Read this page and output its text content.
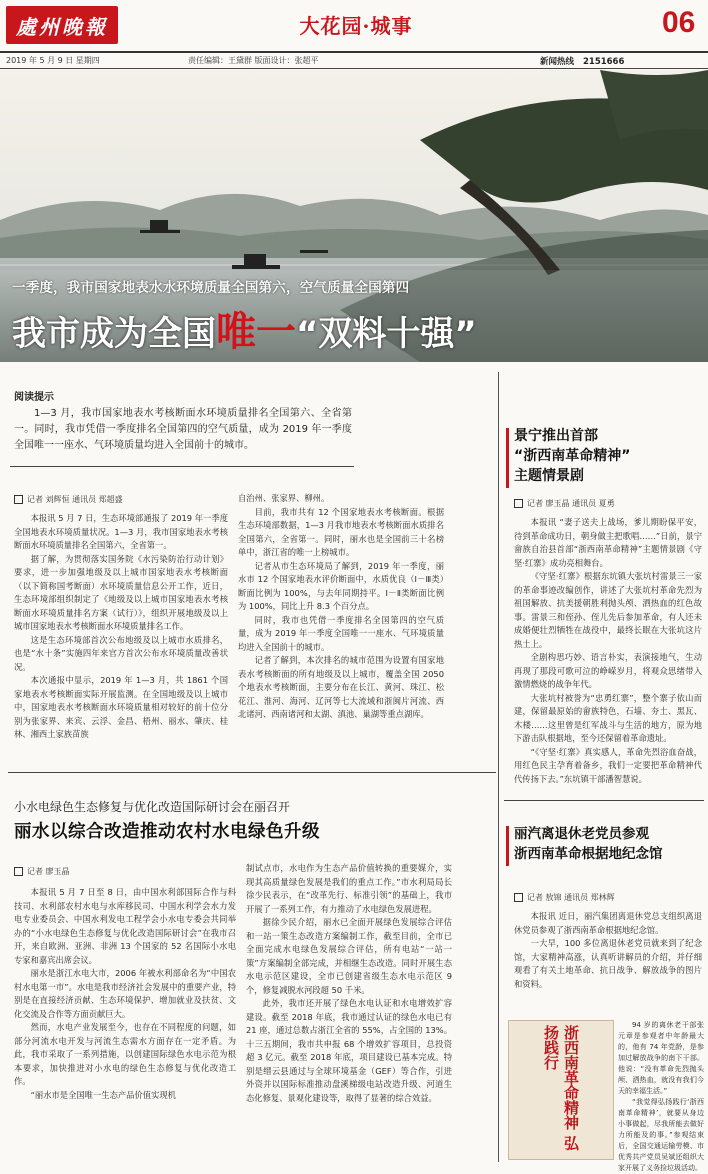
處州晚報	大花园·城事	06
2019 年 5 月 9 日 星期四	责任编辑：王黛群 版面设计：张超平	新闻热线 2151666
一季度，我市国家地表水水环境质量全国第六，空气质量全国第四
我市成为全国唯一“双料十强”
阅读提示
1—3 月，我市国家地表水考核断面水环境质量排名全国第六、全省第一。同时，我市凭借一季度排名全国第四的空气质量，成为 2019 年一季度全国唯一一座水、气环境质量均进入全国前十的城市。
记者 刘辉恒 通讯员 郑超盛

本报讯 5 月 7 日，生态环境部通报了 2019 年一季度全国地表水环境质量状况。1—3 月，我市国家地表水考核断面水环境质量排名全国第六，全省第一。

据了解，为贯彻落实国务院《水污染防治行动计划》要求，进一步加强地级及以上城市国家地表水考核断面（以下简称国考断面）水环境质量信息公开工作，近日，生态环境部组织制定了《地级及以上城市国家地表水考核断面水环境质量排名方案（试行）》，组织开展地级及以上城市国家地表水考核断面水环境质量排名工作。

这是生态环境部首次公布地级及以上城市水质排名，也是“水十条”实施四年来官方首次公布水环境质量改善状况。

本次通报中显示，2019 年 1—3 月，共 1861 个国家地表水考核断面实际开展监测。在全国地级及以上城市中，国家地表水考核断面水环境质量相对较好的前十位分别为张家界、来宾、云浮、金昌、梧州、丽水、肇庆、桂林、湘西土家族苗族

自治州、张家界、柳州。

目前，我市共有 12 个国家地表水考核断面。根据生态环境部数据，1—3 月我市地表水考核断面水质排名全国第六，全省第一。同时，丽水也是全国前三十名榜单中，浙江省的唯一上榜城市。

记者从市生态环境局了解到，2019 年一季度，丽水市 12 个国家地表水评价断面中，水质优良（Ⅰ－Ⅲ类）断面比例为 100%，与去年同期持平。Ⅰ－Ⅱ类断面比例为 100%，同比上升 8.3 个百分点。

同时，我市也凭借一季度排名全国第四的空气质量，成为 2019 年一季度全国唯一一座水、气环境质量均进入全国前十的城市。

记者了解到，本次排名的城市范围为设置有国家地表水考核断面的所有地级及以上城市，覆盖全国 2050 个地表水考核断面，主要分布在长江、黄河、珠江、松花江、淮河、海河、辽河等七大流域和浙闽片河流、西北诸河、西南诸河和太湖、滇池、巢湖等重点湖库。

小水电绿色生态修复与优化改造国际研讨会在丽召开
丽水以综合改造推动农村水电绿色升级
记者 廖玉晶

本报讯 5 月 7 日至 8 日，由中国水利部国际合作与科技司、水利部农村水电与水库移民司、中国水利学会水力发电专业委员会、中国水利发电工程学会小水电专委会共同举办的“小水电绿色生态修复与优化改造国际研讨会”在我市召开，来自欧洲、亚洲、非洲 13 个国家的 52 名国际小水电专家和嘉宾出席会议。

丽水是浙江水电大市，2006 年被水利部命名为“中国农村水电第一市”。水电是我市经济社会发展中的重要产业，特别是在直接经济贡献、生态环境保护、增加就业及扶贫、文化交流及合作等方面贡献巨大。

然而，水电产业发展至今，也存在不同程度的问题，如部分河流水电开发与河流生态需水方面存在一定矛盾。为此，我市采取了一系列措施，以创建国际绿色水电示范为根本要求，加快推进对小水电的绿色生态修复与优化改造工作。

“丽水市是全国唯一生态产品价值实现机

制试点市，水电作为生态产品价值转换的重要媒介，实现其高质量绿色发展是我们的重点工作。”市水利局局长徐少民表示，在“改革先行、标准引领”的基础上，我市开展了一系列工作，有力推动了水电绿色发展进程。

据徐少民介绍，丽水已全面开展绿色发展综合评估和一站一策生态改造方案编制工作，截至目前，全市已全面完成水电绿色发展综合评估，所有电站“一站一策”方案编制全部完成，并相继生态改造。同时开展生态水电示范区建设，全市已创建省级生态水电示范区 9 个，修复减脱水河段超 50 千米。

此外，我市还开展了绿色水电认证和水电增效扩容建设。截至 2018 年底，我市通过认证的绿色水电已有 21 座，通过总数占浙江全省的 55%，占全国的 13%。十三五期间，我市共申报 68 个增效扩容项目，总投资超 3 亿元。截至 2018 年底，项目建设已基本完成。特别是缙云县通过与全球环境基金（GEF）等合作，引进外资并以国际标准推动盘溪梯级电站改造升级、河道生态化修复、景观化建设等，取得了显著的综合效益。

景宁推出首部
“浙西南革命精神”
主题情景剧
记者 廖玉晶 通讯员 夏勇

本报讯 “妻子送夫上战场，爹儿期盼保平安，待到革命成功日，朝身做主把歌唱……”日前，景宁畲族自治县首部“浙西南革命精神”主题情景剧《守坚·红寨》成功亮相舞台。

《守坚·红寨》根据东坑镇大张坑村雷景三一家的革命事迹改编创作，讲述了大张坑村革命先烈为祖国解放、抗美援朝胜利抛头颅、洒热血的红色故事。雷景三和侄孙、侄儿先后参加革命，有人还未成婚便壮烈牺牲在战役中，最终长眠在大张坑这片热土上。

全剧构思巧妙、语言朴实，表演接地气，生动再现了那段可歌可泣的峥嵘岁月，将观众思绪带入激情燃烧的战争年代。

大张坑村被誉为“忠勇红寨”，整个寨子依山而建，保留最原始的畲族特色，石墙、夯土、黑瓦、木楼……这里曾是红军战斗与生活的地方，原为地下游击队根据地，至今还保留着革命遗址。

“《守坚·红寨》真实感人，革命先烈浴血奋战，用红色民主孕育着备乡，我们一定要把革命精神代代传扬下去。”东坑镇干部潘智慧说。

丽汽离退休老党员参观
浙西南革命根据地纪念馆
记者 敖锦 通讯员 郑林辉

本报讯 近日，丽汽集团离退休党总支组织离退休党员参观了浙西南革命根据地纪念馆。

一大早，100 多位离退休老党员就来到了纪念馆，大家精神高涨，认真听讲解员的介绍，并仔细观看了有关土地革命、抗日战争、解放战争的图片和资料。

浙西南革命精神 弘扬践行	94 岁的离休老干部张元章是参观者中年龄最大的，他有 74 年党龄，是参加过解放战争的南下干部。他说：“没有革命先烈抛头颅、洒热血，就没有我们今天的幸福生活。”

“我觉得弘扬践行‘浙西南革命精神’，就要从身边小事做起，尽我所能去做好力所能及的事。”参观结束后，全国交通运输劳模、市优秀共产党员吴斌还组织大家开展了义务捡垃圾活动。
